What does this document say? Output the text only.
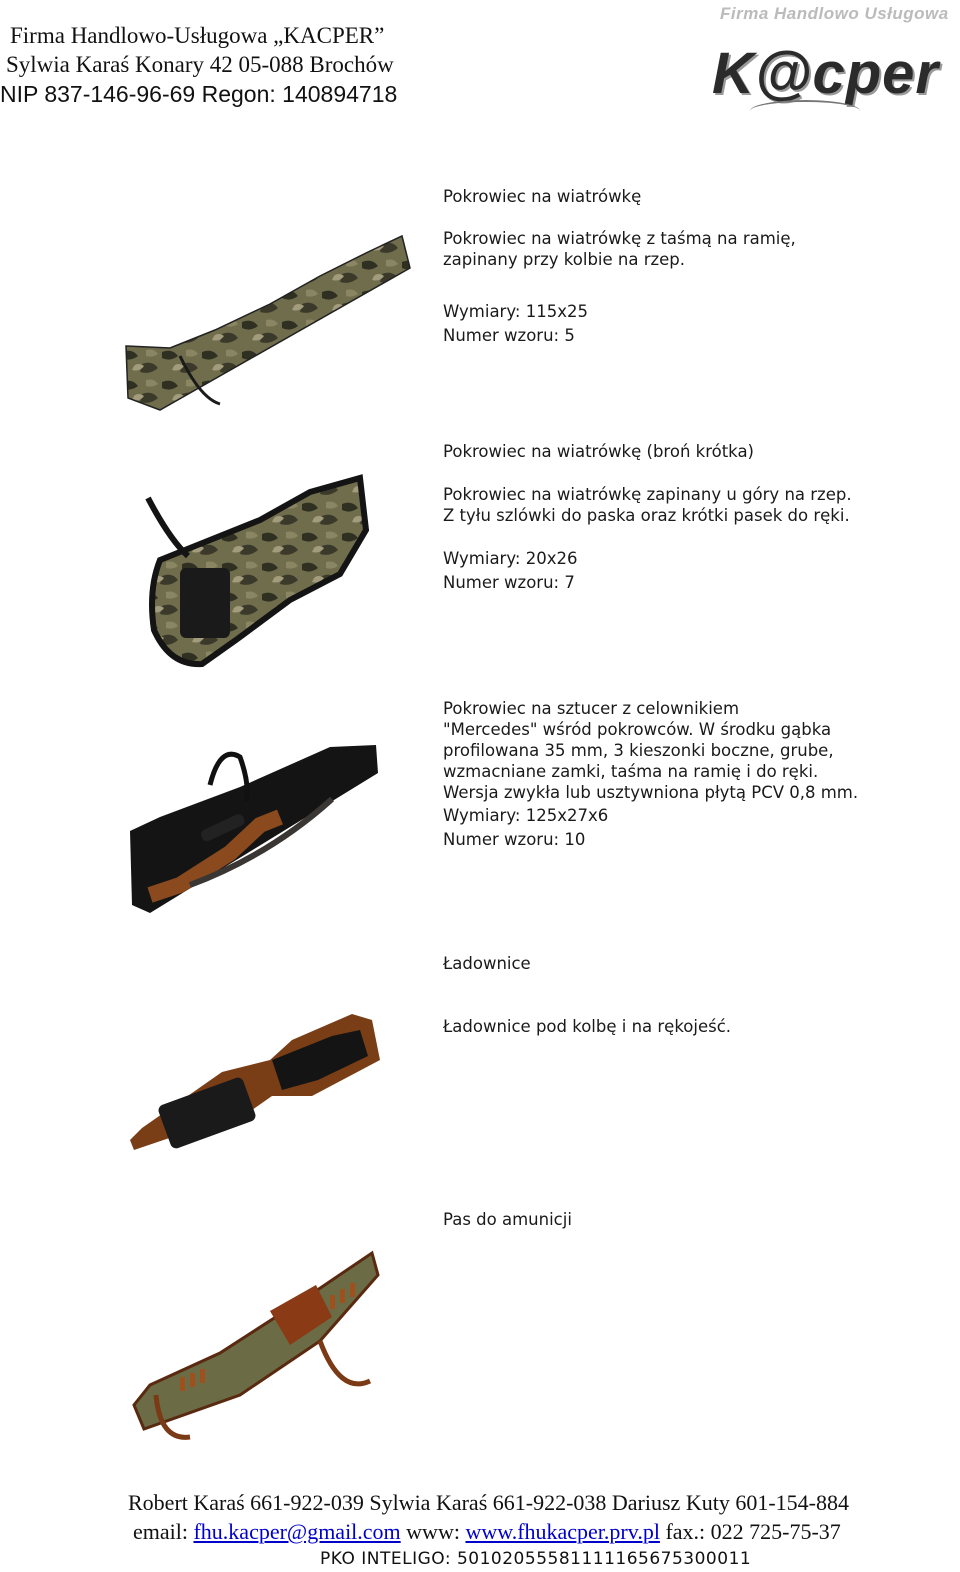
Firma Handlowo-Usługowa „KACPER”
Sylwia Karaś Konary 42 05-088 Brochów
NIP 837-146-96-69 Regon: 140894718
Firma Handlowo Usługowa
K@cper
Pokrowiec na wiatrówkę
Pokrowiec na wiatrówkę z taśmą na ramię, zapinany przy kolbie na rzep.
Wymiary: 115x25
Numer wzoru: 5
Pokrowiec na wiatrówkę (broń krótka)
Pokrowiec na wiatrówkę zapinany u góry na rzep. Z tyłu szlówki do paska oraz krótki pasek do ręki.
Wymiary: 20x26
Numer wzoru: 7
Pokrowiec na sztucer z celownikiem
"Mercedes" wśród pokrowców. W środku gąbka profilowana 35 mm, 3 kieszonki boczne, grube, wzmacniane zamki, taśma na ramię i do ręki. Wersja zwykła lub usztywniona płytą PCV 0,8 mm.
Wymiary: 125x27x6
Numer wzoru: 10
Ładownice
Ładownice pod kolbę i na rękojeść.
Pas do amunicji
Robert Karaś 661-922-039 Sylwia Karaś 661-922-038 Dariusz Kuty 601-154-884
email: fhu.kacper@gmail.com www: www.fhukacper.prv.pl fax.: 022 725-75-37
PKO INTELIGO: 50102055581111165675300011
